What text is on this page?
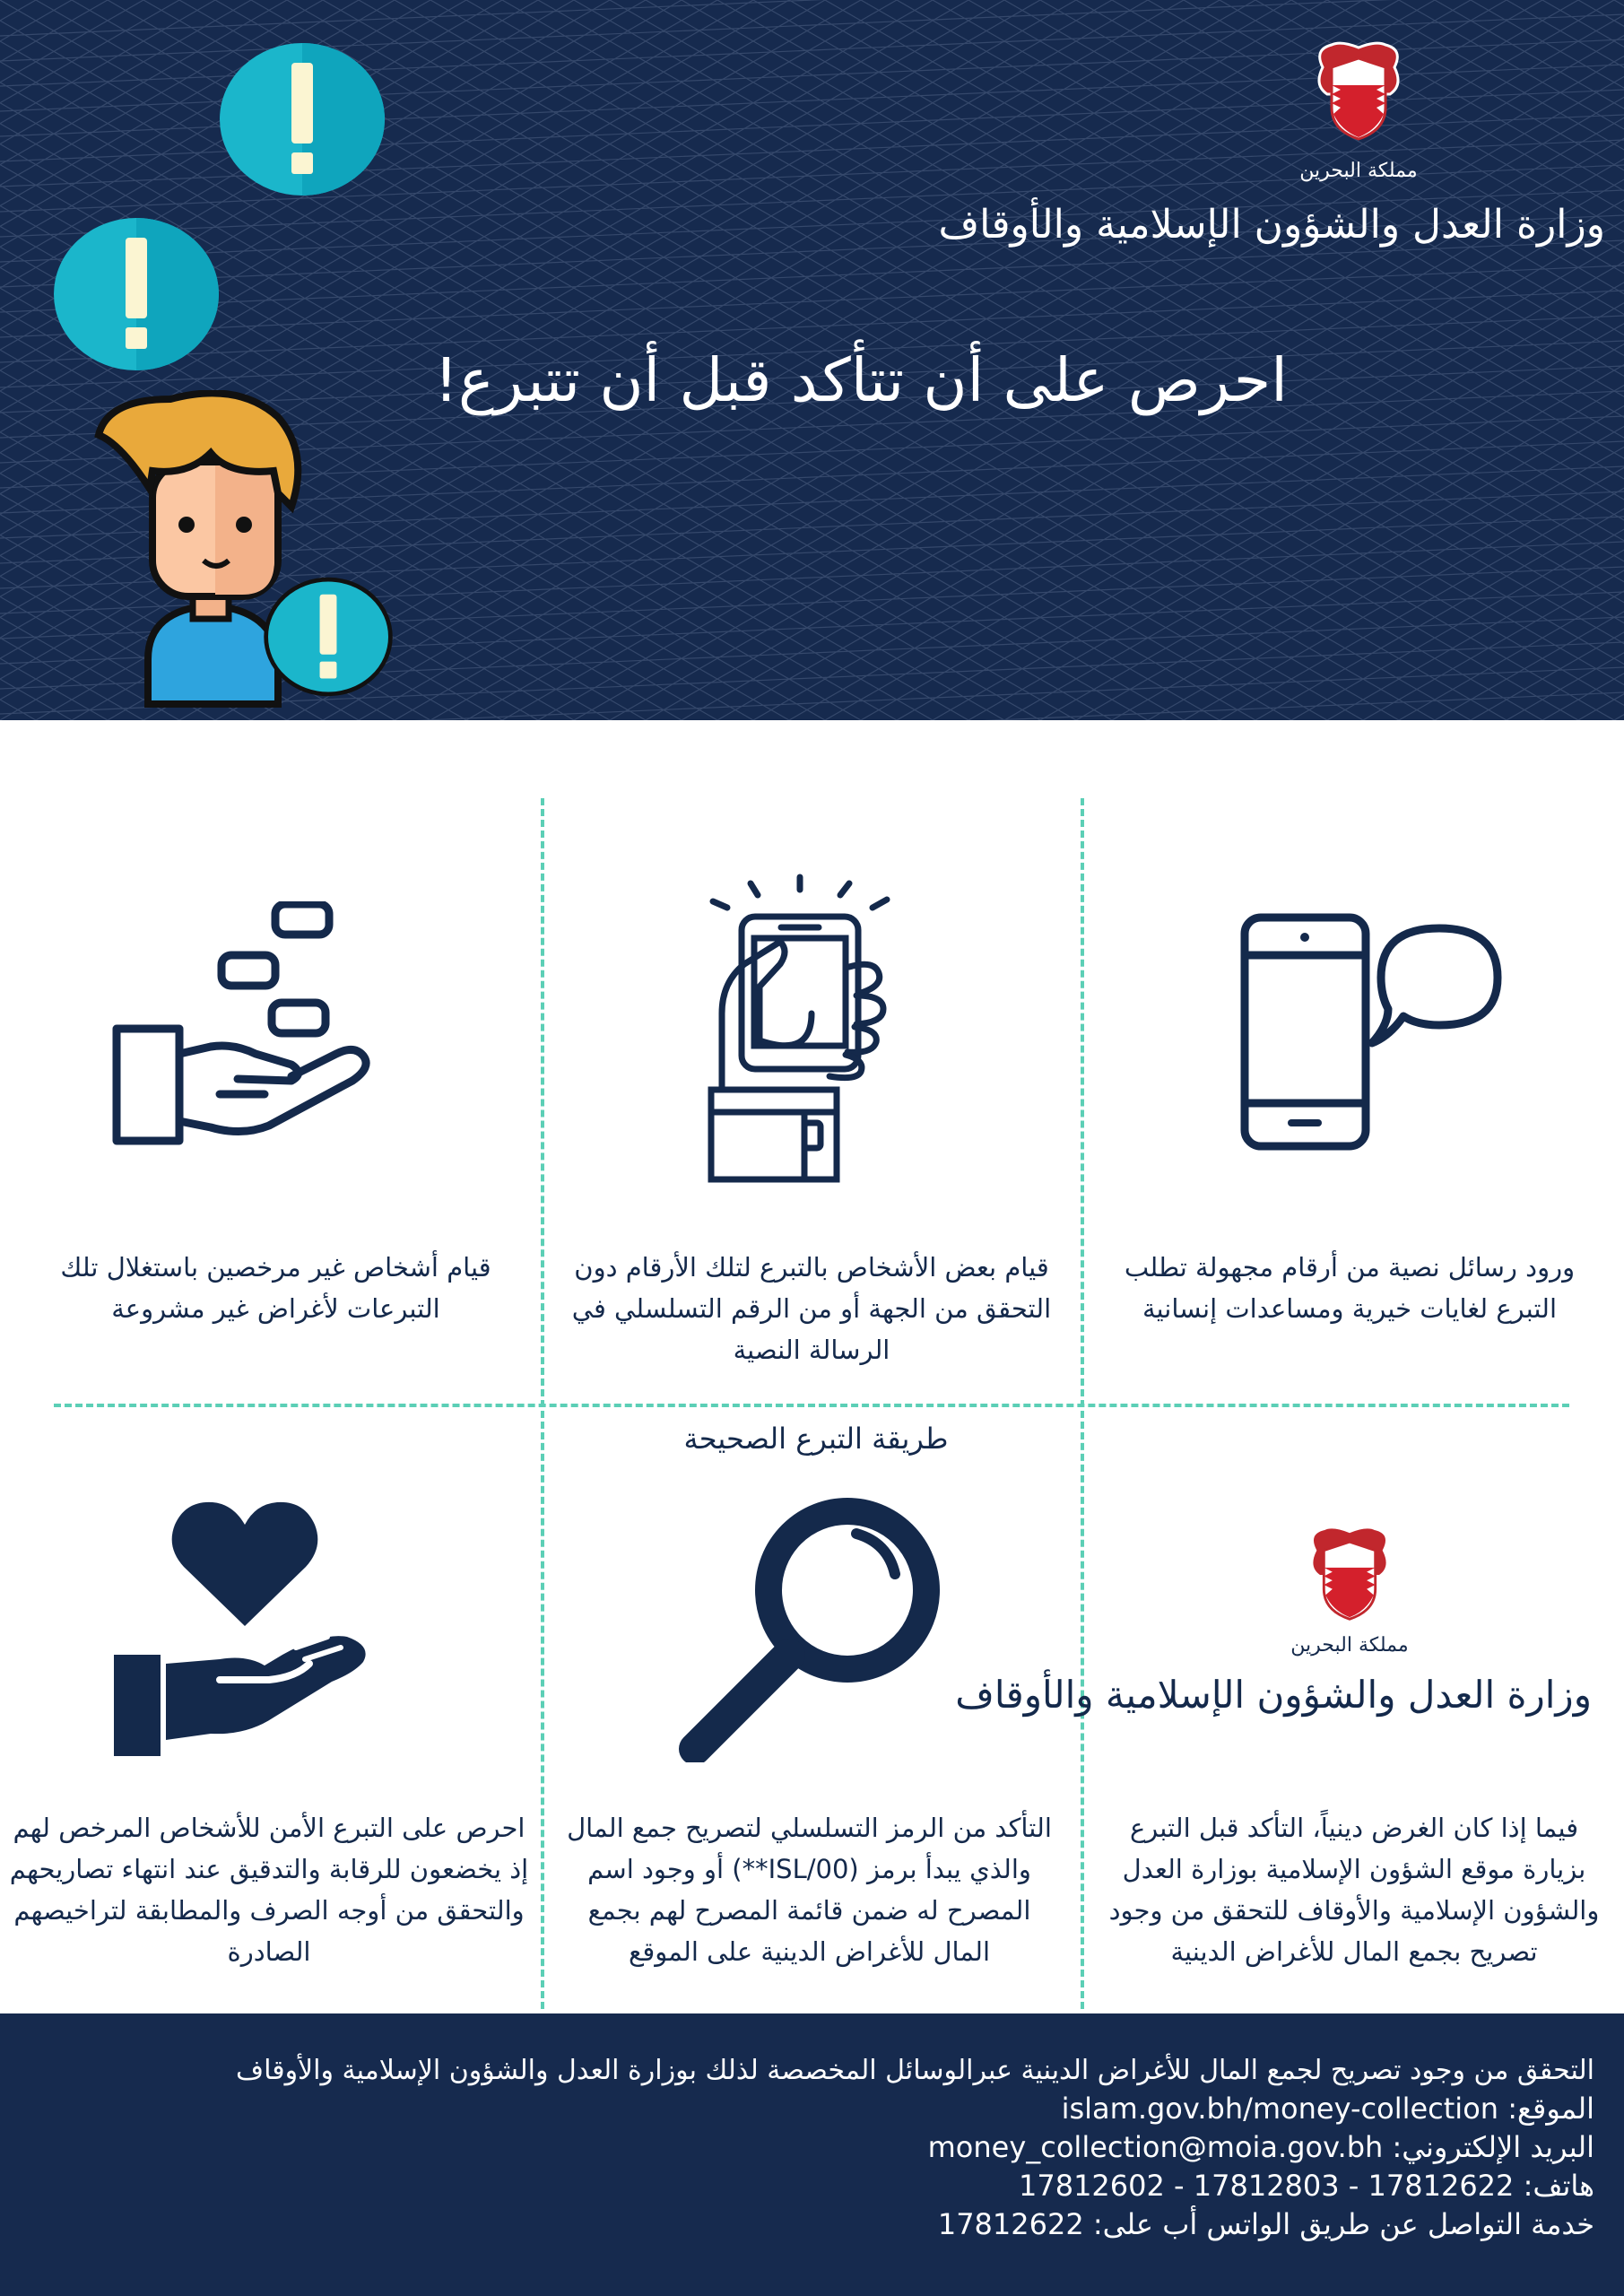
مملكة البحرين
وزارة العدل والشؤون الإسلامية والأوقاف
احرص على أن تتأكد قبل أن تتبرع!
ورود رسائل نصية من أرقام مجهولة تطلب التبرع لغايات خيرية ومساعدات إنسانية
قيام بعض الأشخاص بالتبرع لتلك الأرقام دون التحقق من الجهة أو من الرقم التسلسلي في الرسالة النصية
قيام أشخاص غير مرخصين باستغلال تلك التبرعات لأغراض غير مشروعة
طريقة التبرع الصحيحة
مملكة البحرين
وزارة العدل والشؤون الإسلامية والأوقاف
فيما إذا كان الغرض دينياً، التأكد قبل التبرع بزيارة موقع الشؤون الإسلامية بوزارة العدل والشؤون الإسلامية والأوقاف للتحقق من وجود تصريح بجمع المال للأغراض الدينية
التأكد من الرمز التسلسلي لتصريح جمع المال والذي يبدأ برمز (ISL/00**) أو وجود اسم المصرح له ضمن قائمة المصرح لهم بجمع المال للأغراض الدينية على الموقع
احرص على التبرع الأمن للأشخاص المرخص لهم إذ يخضعون للرقابة والتدقيق عند انتهاء تصاريحهم والتحقق من أوجه الصرف والمطابقة لتراخيصهم الصادرة
التحقق من وجود تصريح لجمع المال للأغراض الدينية عبرالوسائل المخصصة لذلك بوزارة العدل والشؤون الإسلامية والأوقاف
الموقع: islam.gov.bh/money-collection
البريد الإلكتروني: money_collection@moia.gov.bh
هاتف: 17812622 - 17812803 - 17812602
خدمة التواصل عن طريق الواتس أب على: 17812622
